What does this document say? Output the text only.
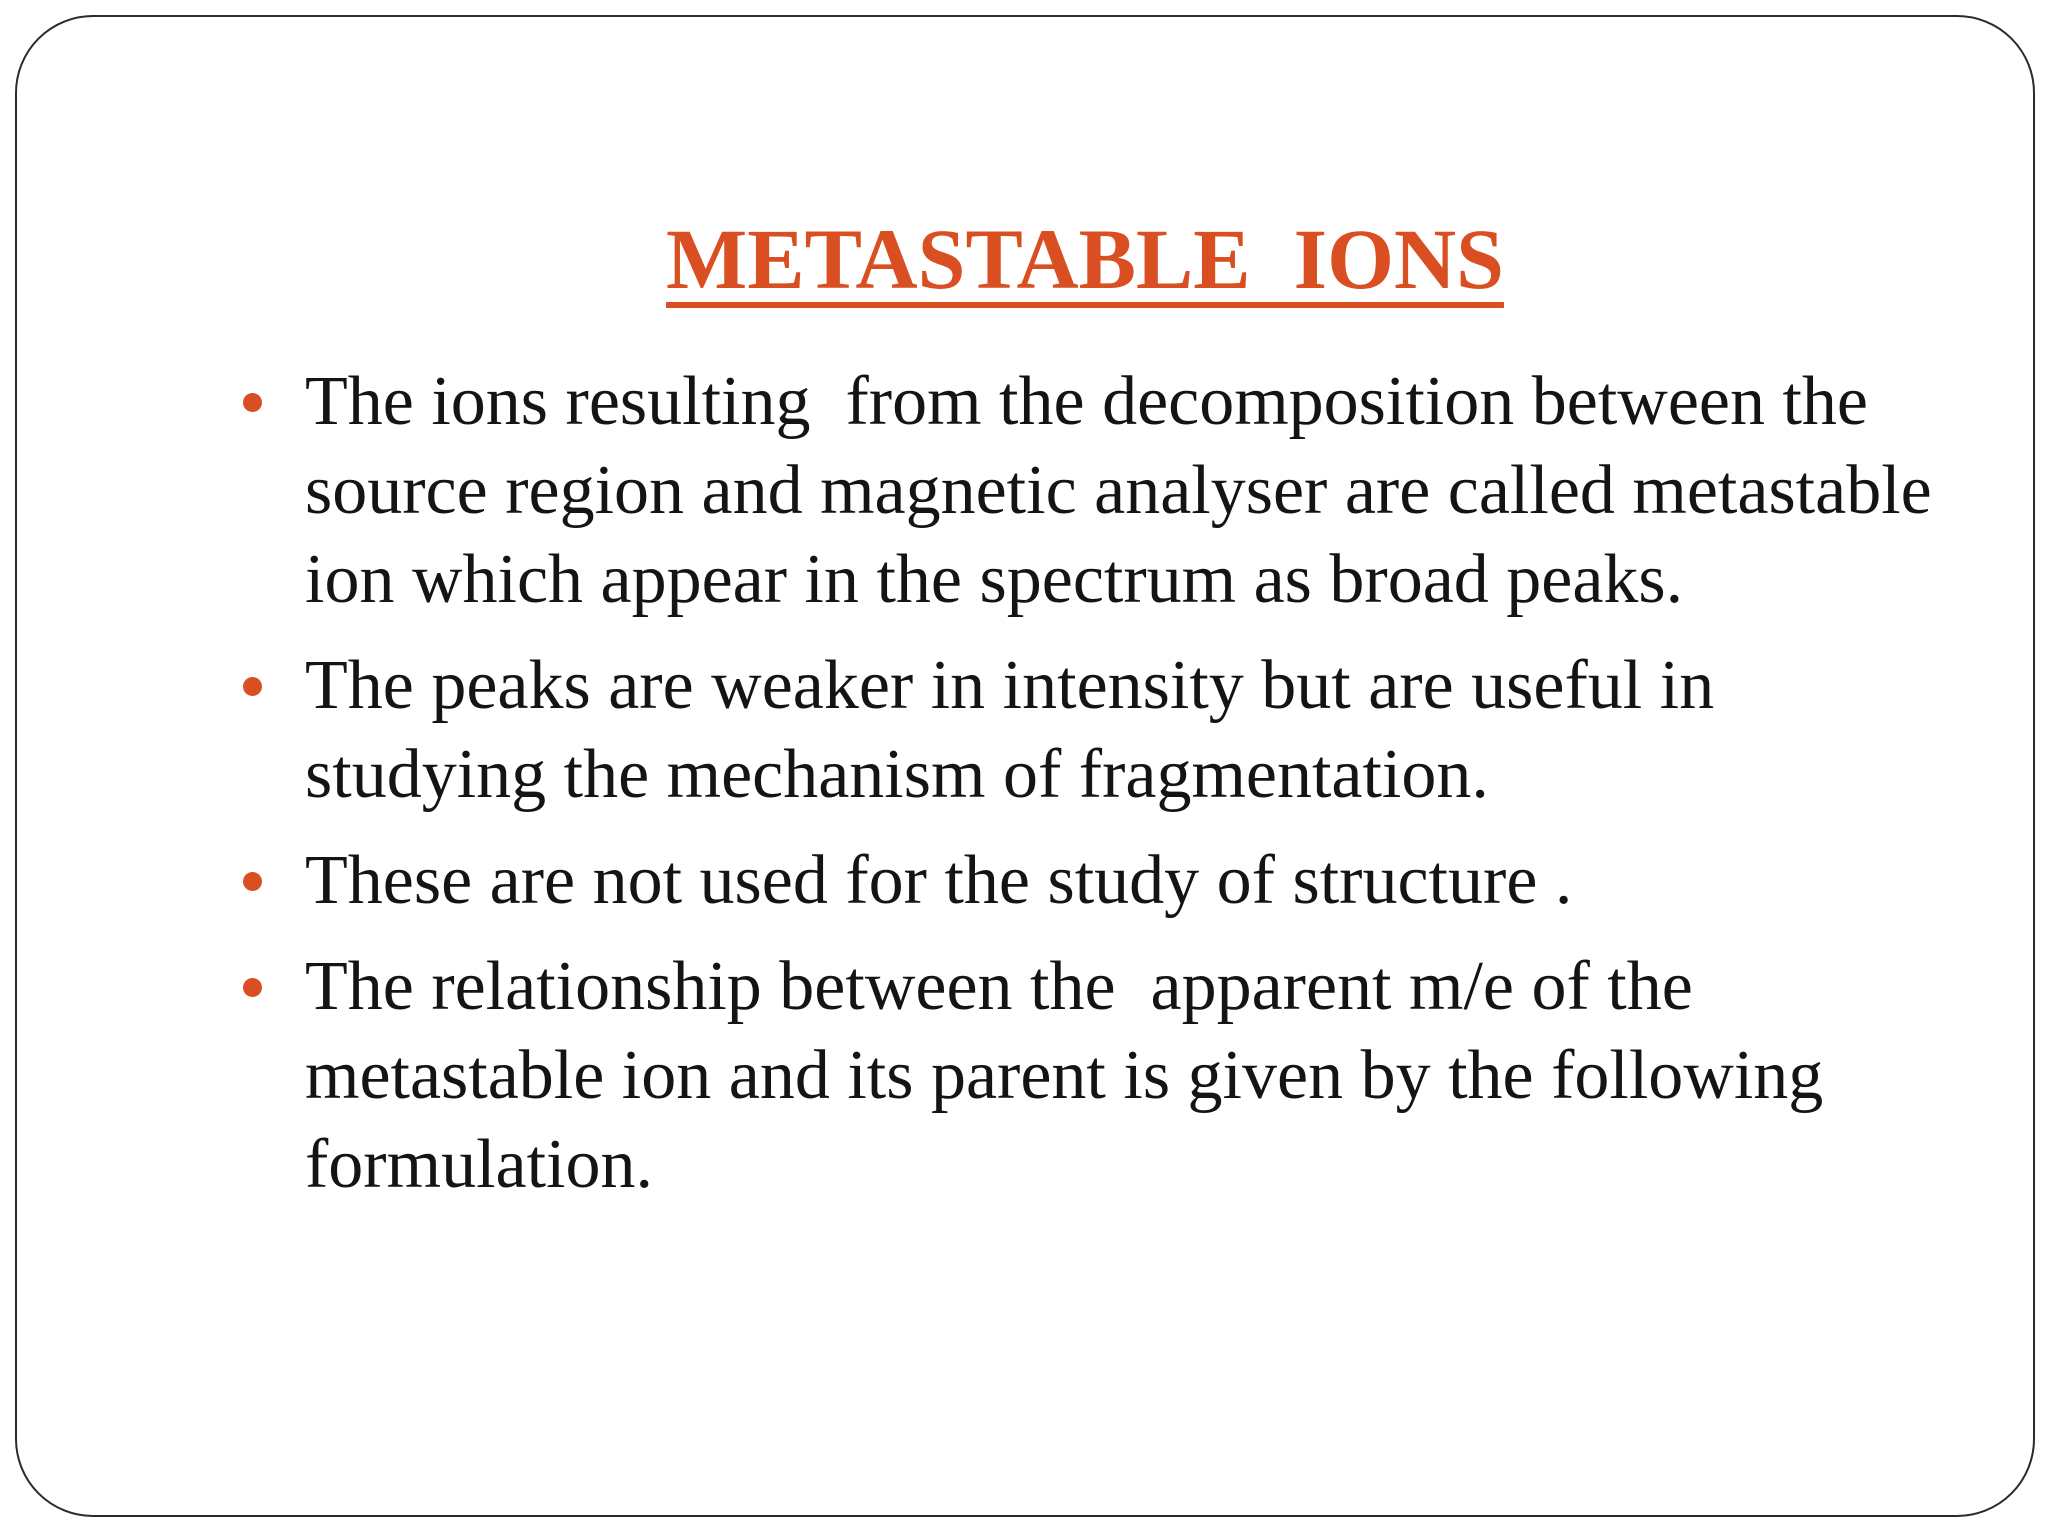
METASTABLE  IONS
The ions resulting  from the decomposition between the source region and magnetic analyser are called metastable ion which appear in the spectrum as broad peaks.
The peaks are weaker in intensity but are useful in studying the mechanism of fragmentation.
These are not used for the study of structure .
The relationship between the  apparent m/e of the metastable ion and its parent is given by the following formulation.
